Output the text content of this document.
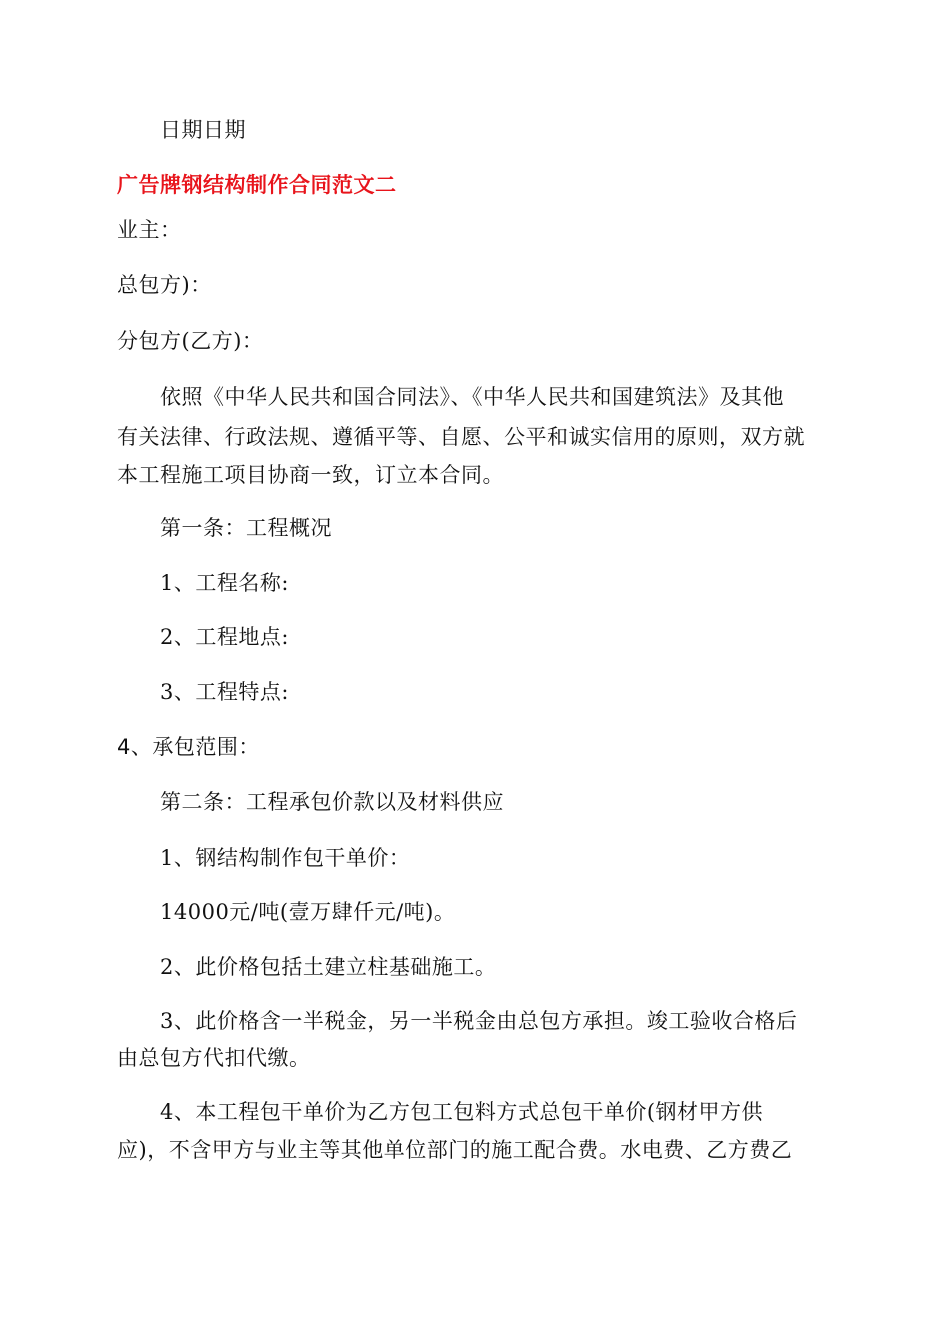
日期日期
广告牌钢结构制作合同范文二
业主：
总包方)：
分包方(乙方)：
依照《中华人民共和国合同法》、《中华人民共和国建筑法》及其他
有关法律、行政法规、遵循平等、自愿、公平和诚实信用的原则，双方就
本工程施工项目协商一致，订立本合同。
第一条：工程概况
1、工程名称:
2、工程地点:
3、工程特点:
4、承包范围：
第二条：工程承包价款以及材料供应
1、钢结构制作包干单价：
14000元/吨(壹万肆仟元/吨)。
2、此价格包括土建立柱基础施工。
3、此价格含一半税金，另一半税金由总包方承担。竣工验收合格后
由总包方代扣代缴。
4、本工程包干单价为乙方包工包料方式总包干单价(钢材甲方供
应)，不含甲方与业主等其他单位部门的施工配合费。水电费、乙方费乙
